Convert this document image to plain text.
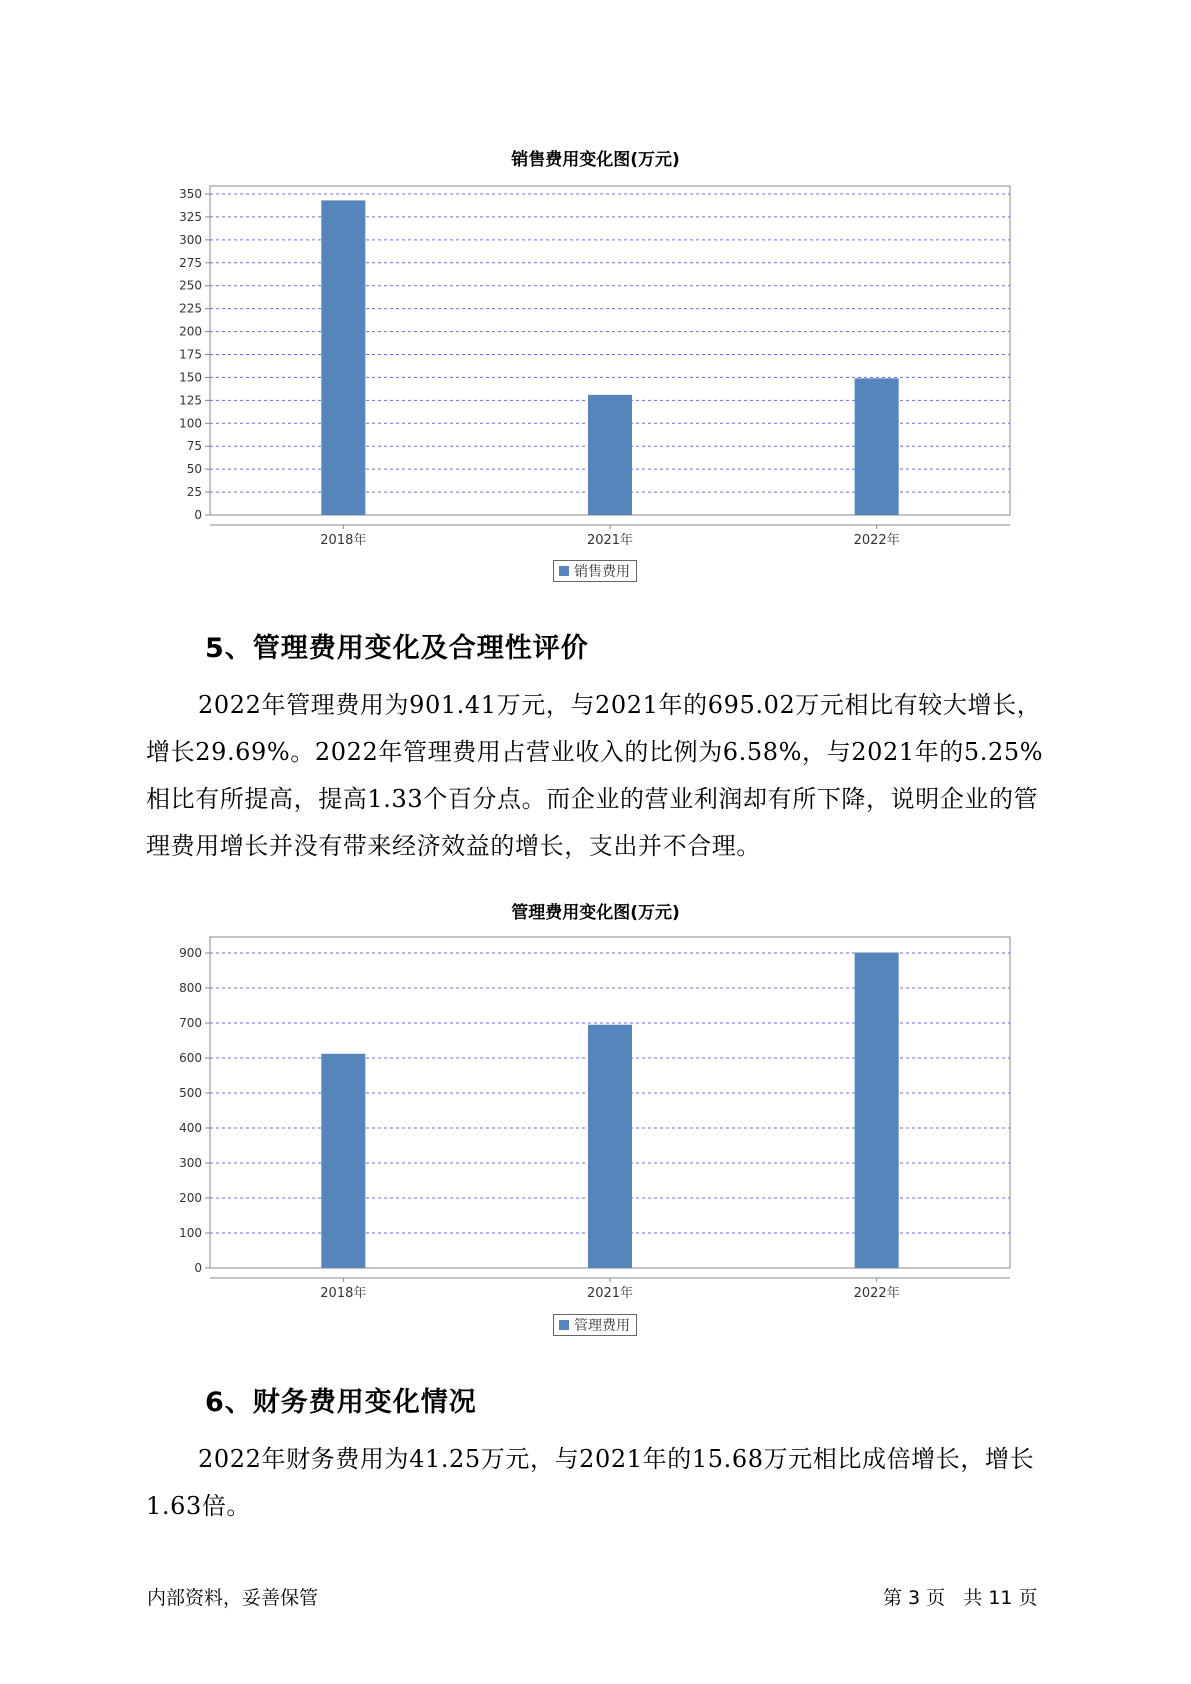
销售费用变化图(万元)
0
25
50
75
100
125
150
175
200
225
250
275
300
325
350
2018年	2021年	2022年
销售费用
5、管理费用变化及合理性评价

2022年管理费用为901.41万元，与2021年的695.02万元相比有较大增长，增长29.69%。2022年管理费用占营业收入的比例为6.58%，与2021年的5.25%相比有所提高，提高1.33个百分点。而企业的营业利润却有所下降，说明企业的管理费用增长并没有带来经济效益的增长，支出并不合理。

管理费用变化图(万元)
0
100
200
300
400
500
600
700
800
900
2018年	2021年	2022年
管理费用
6、财务费用变化情况

2022年财务费用为41.25万元，与2021年的15.68万元相比成倍增长，增长1.63倍。

内部资料，妥善保管	第 3 页   共 11 页
